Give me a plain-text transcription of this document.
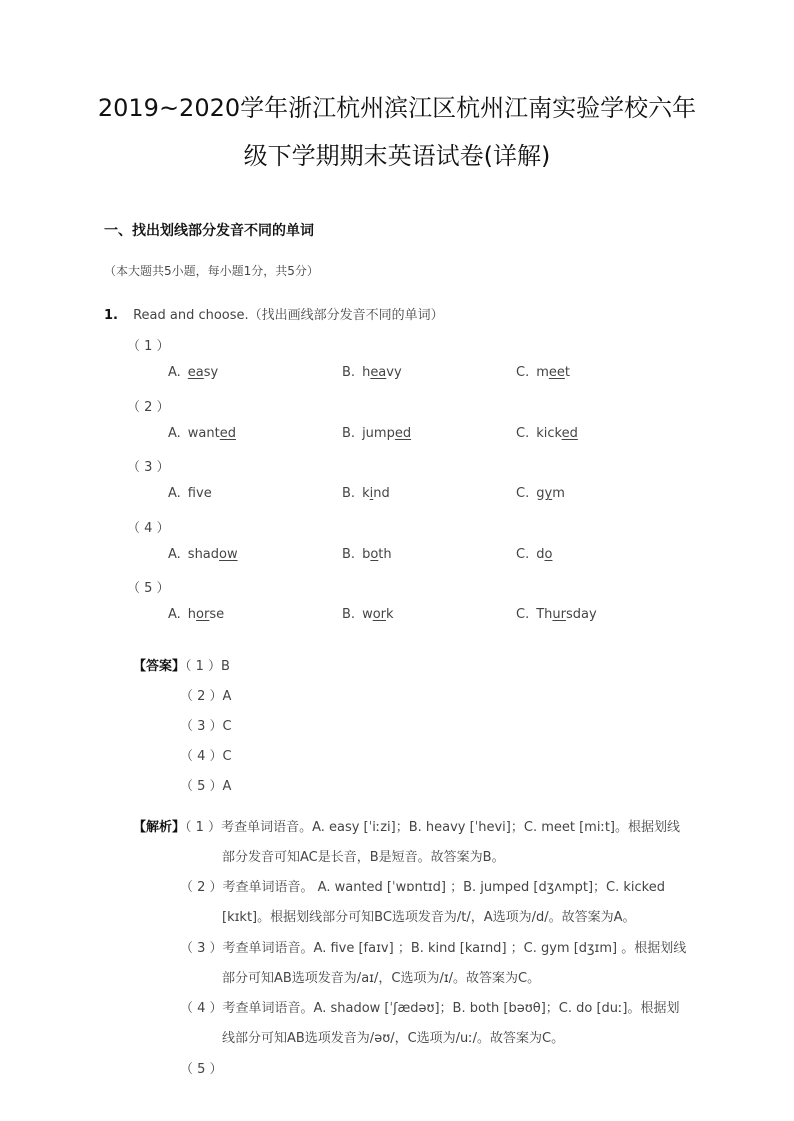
2019~2020学年浙江杭州滨江区杭州江南实验学校六年
级下学期期末英语试卷(详解)
一、找出划线部分发音不同的单词
（本大题共5小题，每小题1分，共5分）
1. Read and choose.（找出画线部分发音不同的单词）
（ 1 ）
A. easy	B. heavy	C. meet
（ 2 ）
A. wanted	B. jumped	C. kicked
（ 3 ）
A. fve	B. kind	C. gym
（ 4 ）
A. shadow	B. both	C. do
（ 5 ）
A. horse	B. work	C. Thursday
【答案】（ 1 ）B
（ 2 ）A
（ 3 ）C
（ 4 ）C
（ 5 ）A
【解析】（ 1 ）考查单词语音。A. easy [ˈiːzi]；B. heavy [ˈhevi]；C. meet [miːt]。根据划线
部分发音可知AC是长音，B是短音。故答案为B。
（ 2 ）考查单词语音。 A. wanted [ˈwɒntɪd] ；B. jumped [dʒʌmpt]；C. kicked
[kɪkt]。根据划线部分可知BC选项发音为/t/，A选项为/d/。故答案为A。
（ 3 ）考查单词语音。A. five [faɪv] ；B. kind [kaɪnd] ；C. gym [dʒɪm] 。根据划线
部分可知AB选项发音为/aɪ/，C选项为/ɪ/。故答案为C。
（ 4 ）考查单词语音。A. shadow [ˈʃædəʊ]；B. both [bəʊθ]；C. do [duː]。根据划
线部分可知AB选项发音为/əʊ/，C选项为/uː/。故答案为C。
（ 5 ）
